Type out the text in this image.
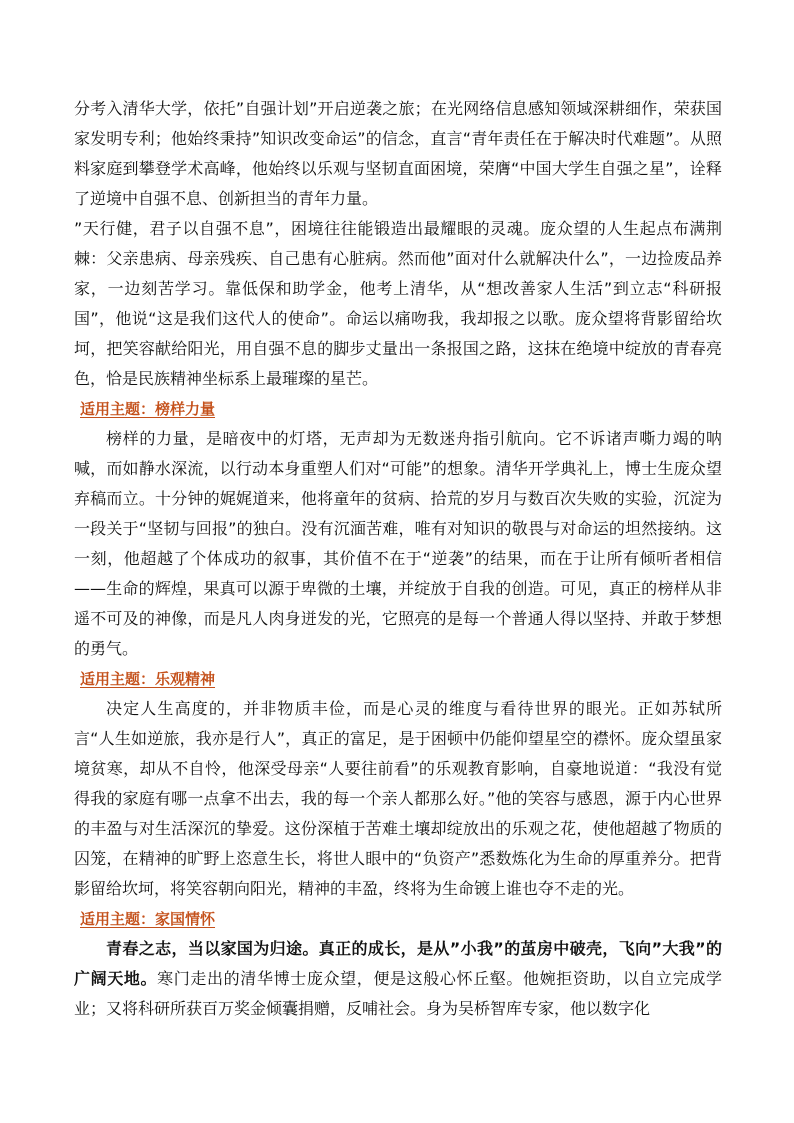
分考入清华大学，依托”自强计划”开启逆袭之旅；在光网络信息感知领域深耕细作，荣获国家发明专利；他始终秉持”知识改变命运”的信念，直言“青年责任在于解决时代难题”。从照料家庭到攀登学术高峰，他始终以乐观与坚韧直面困境，荣膺“中国大学生自强之星”，诠释了逆境中自强不息、创新担当的青年力量。

”天行健，君子以自强不息”，困境往往能锻造出最耀眼的灵魂。庞众望的人生起点布满荆棘：父亲患病、母亲残疾、自己患有心脏病。然而他”面对什么就解决什么”，一边捡废品养家，一边刻苦学习。靠低保和助学金，他考上清华，从“想改善家人生活”到立志“科研报国”，他说“这是我们这代人的使命”。命运以痛吻我，我却报之以歌。庞众望将背影留给坎坷，把笑容献给阳光，用自强不息的脚步丈量出一条报国之路，这抹在绝境中绽放的青春亮色，恰是民族精神坐标系上最璀璨的星芒。

适用主题：榜样力量

榜样的力量，是暗夜中的灯塔，无声却为无数迷舟指引航向。它不诉诸声嘶力竭的呐喊，而如静水深流，以行动本身重塑人们对“可能”的想象。清华开学典礼上，博士生庞众望弃稿而立。十分钟的娓娓道来，他将童年的贫病、拾荒的岁月与数百次失败的实验，沉淀为一段关于“坚韧与回报”的独白。没有沉湎苦难，唯有对知识的敬畏与对命运的坦然接纳。这一刻，他超越了个体成功的叙事，其价值不在于“逆袭”的结果，而在于让所有倾听者相信——生命的辉煌，果真可以源于卑微的土壤，并绽放于自我的创造。可见，真正的榜样从非遥不可及的神像，而是凡人肉身迸发的光，它照亮的是每一个普通人得以坚持、并敢于梦想的勇气。

适用主题：乐观精神

决定人生高度的，并非物质丰俭，而是心灵的维度与看待世界的眼光。正如苏轼所言“人生如逆旅，我亦是行人”，真正的富足，是于困顿中仍能仰望星空的襟怀。庞众望虽家境贫寒，却从不自怜，他深受母亲“人要往前看”的乐观教育影响，自豪地说道：“我没有觉得我的家庭有哪一点拿不出去，我的每一个亲人都那么好。”他的笑容与感恩，源于内心世界的丰盈与对生活深沉的挚爱。这份深植于苦难土壤却绽放出的乐观之花，使他超越了物质的囚笼，在精神的旷野上恣意生长，将世人眼中的“负资产”悉数炼化为生命的厚重养分。把背影留给坎坷，将笑容朝向阳光，精神的丰盈，终将为生命镀上谁也夺不走的光。

适用主题：家国情怀

青春之志，当以家国为归途。真正的成长，是从”小我”的茧房中破壳，飞向”大我”的广阔天地。寒门走出的清华博士庞众望，便是这般心怀丘壑。他婉拒资助，以自立完成学业；又将科研所获百万奖金倾囊捐赠，反哺社会。身为吴桥智库专家，他以数字化
